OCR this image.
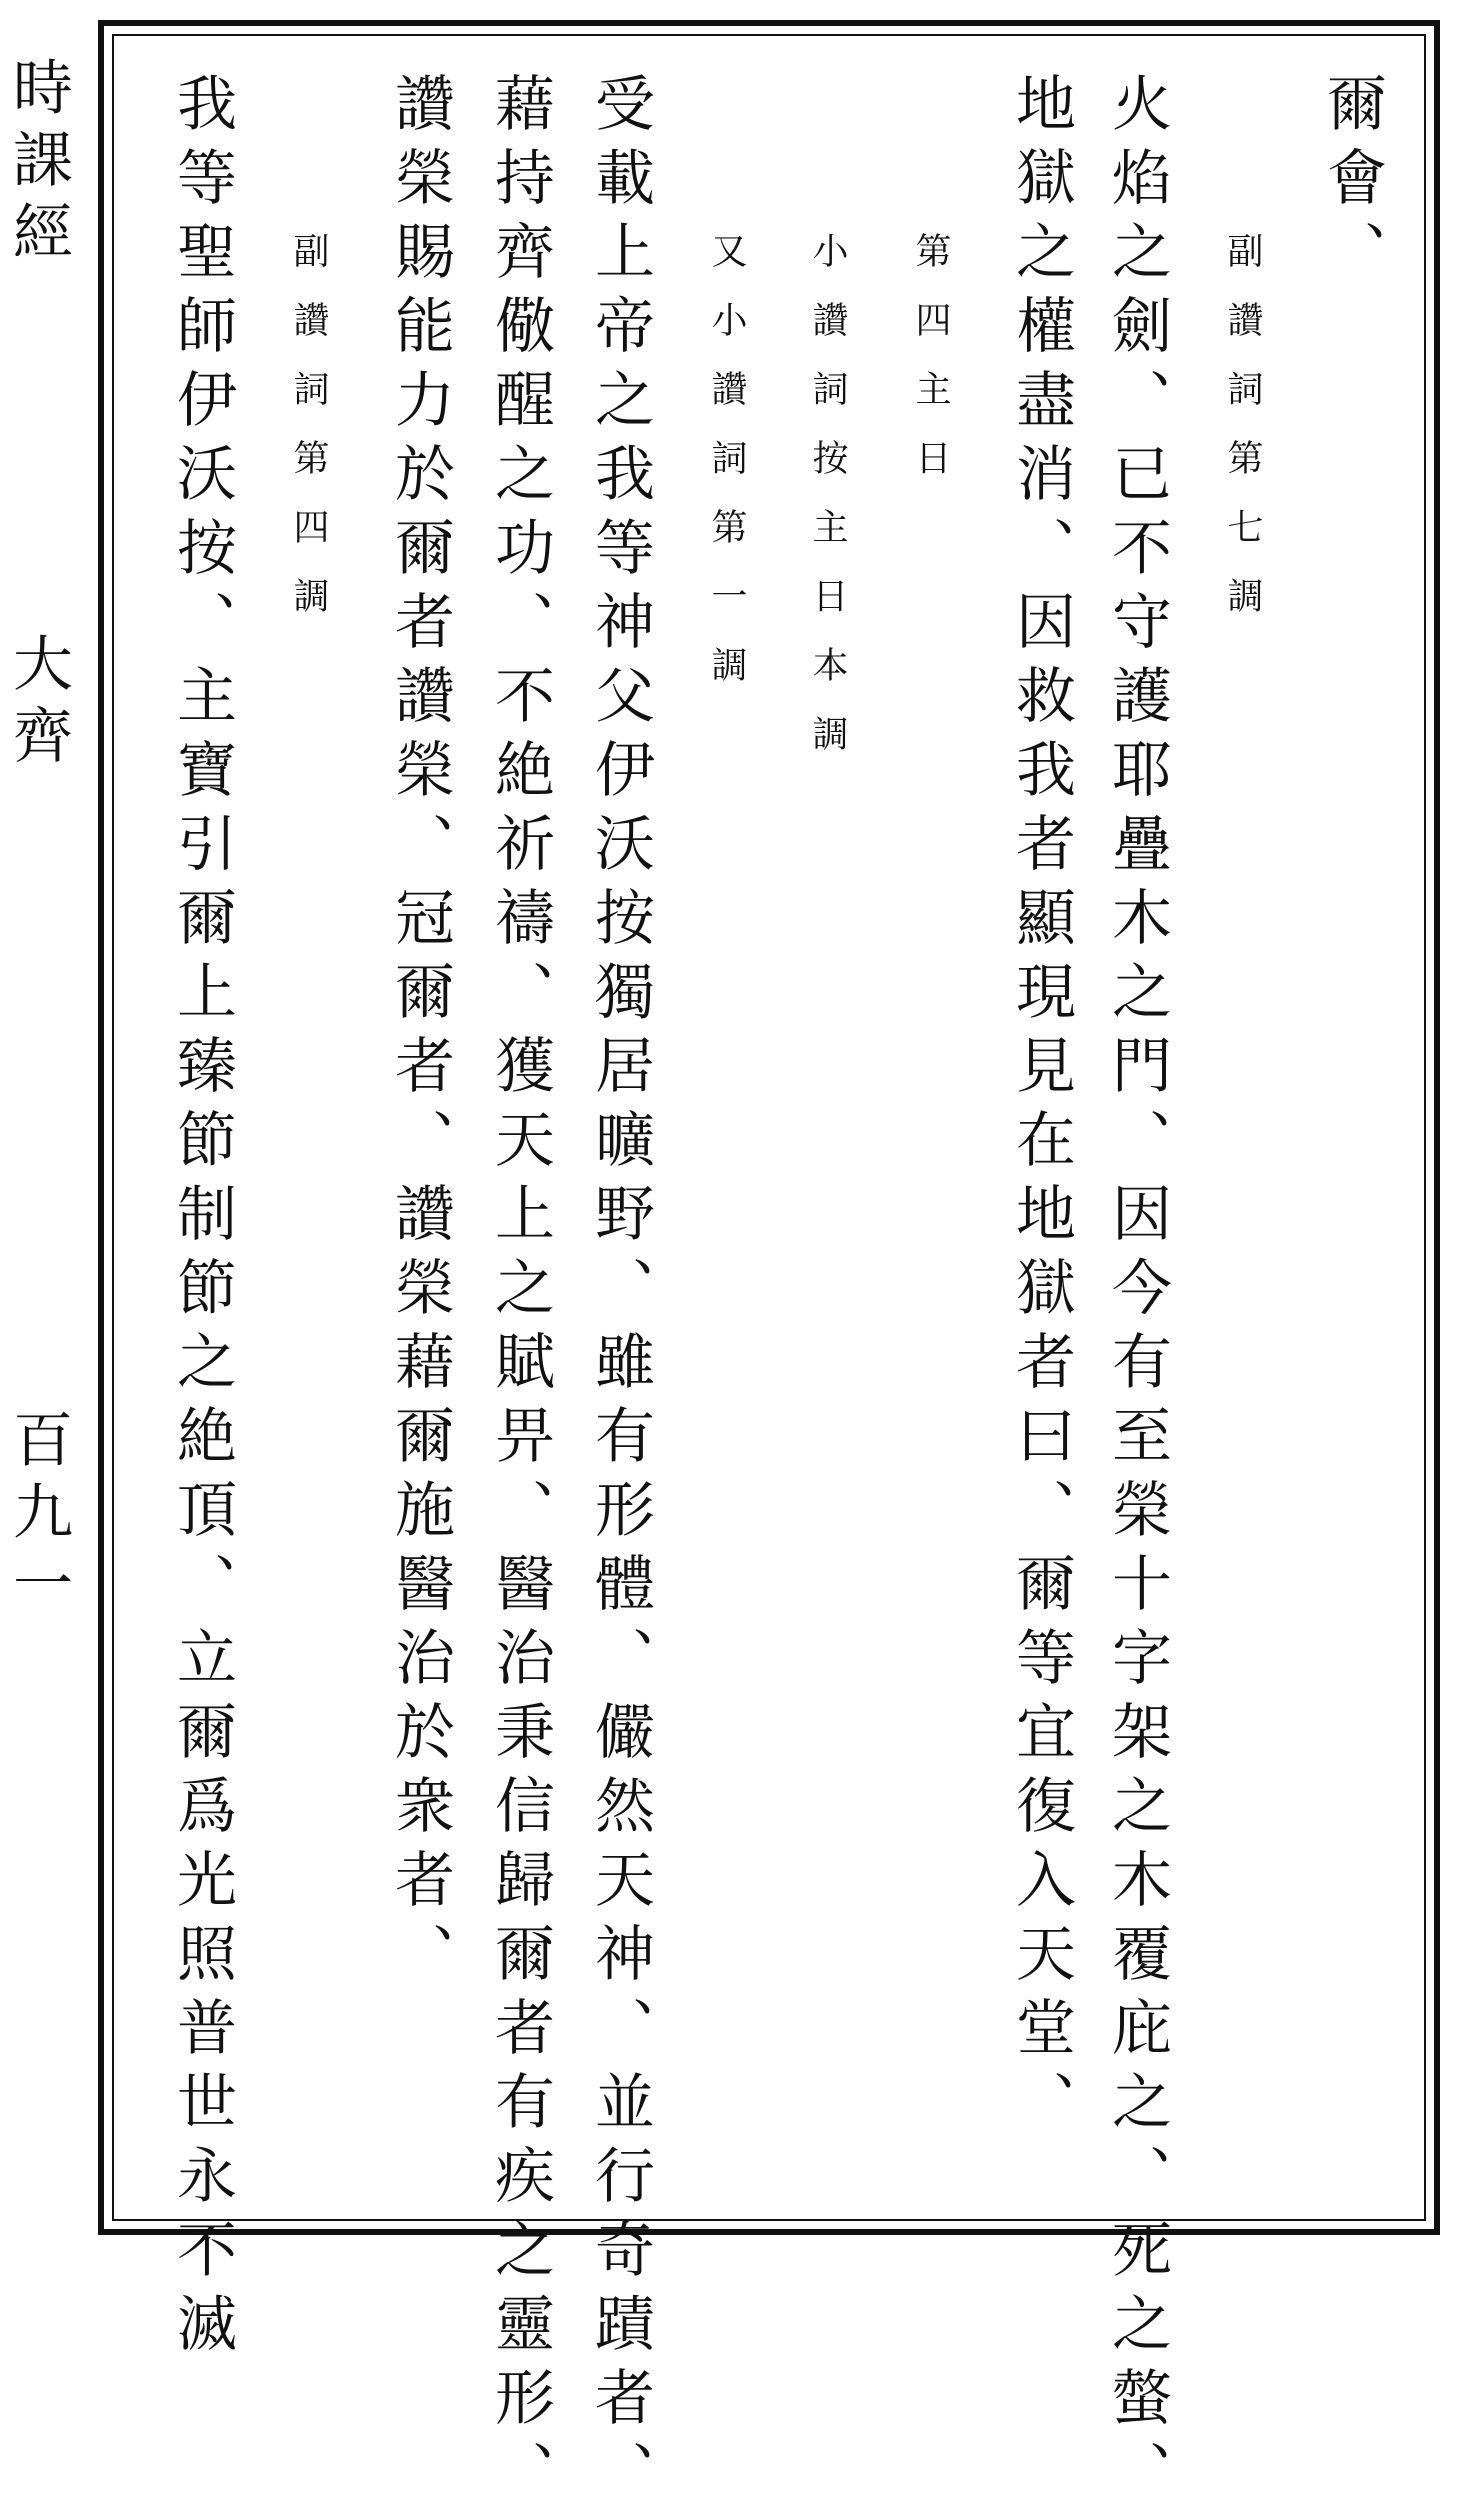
時課經
大齊
百九一
爾會、
副讚詞第七調
火焰之劍、已不守護耶疊木之門、因今有至榮十字架之木覆庇之、死之螫、
地獄之權盡消、因救我者顯現見在地獄者曰、爾等宜復入天堂、
第四主日
小讚詞按主日本調
又小讚詞第一調
受載上帝之我等神父伊沃按獨居曠野、雖有形體、儼然天神、並行奇蹟者、
藉持齊儆醒之功、不絶祈禱、獲天上之賦畀、醫治秉信歸爾者有疾之靈形、
讚榮賜能力於爾者讚榮、冠爾者、讚榮藉爾施醫治於衆者、
副讚詞第四調
我等聖師伊沃按、主寶引爾上臻節制節之絶頂、立爾爲光照普世永不滅
